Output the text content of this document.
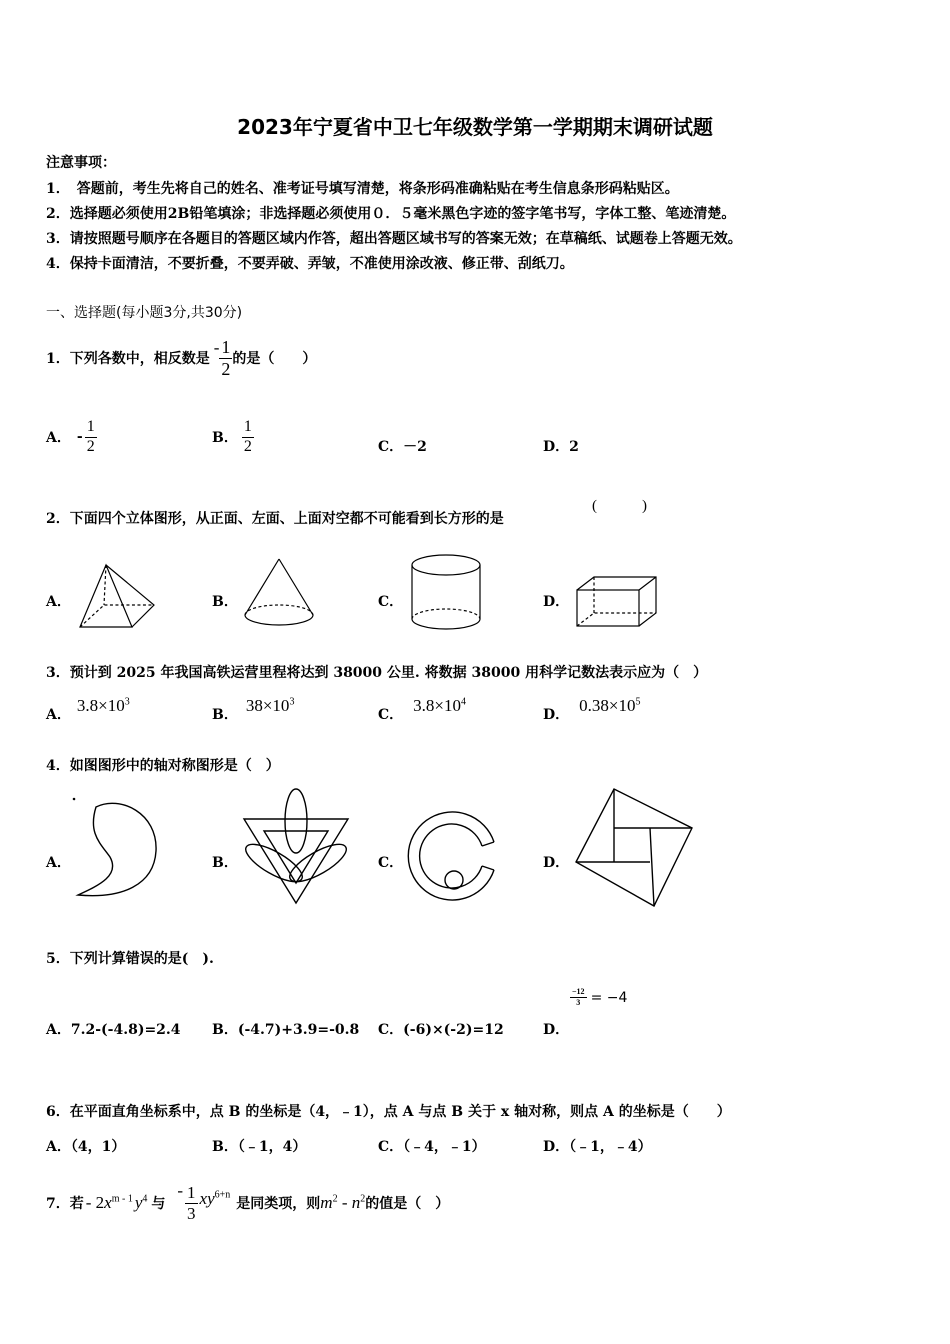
2023年宁夏省中卫七年级数学第一学期期末调研试题
注意事项：
1．　答题前，考生先将自己的姓名、准考证号填写清楚，将条形码准确粘贴在考生信息条形码粘贴区。
2．选择题必须使用2B铅笔填涂；非选择题必须使用０．５毫米黑色字迹的签字笔书写，字体工整、笔迹清楚。
3．请按照题号顺序在各题目的答题区域内作答，超出答题区域书写的答案无效；在草稿纸、试题卷上答题无效。
4．保持卡面清洁，不要折叠，不要弄破、弄皱，不准使用涂改液、修正带、刮纸刀。
一、选择题(每小题3分,共30分)
1．下列各数中，相反数是
- $\frac{1}{2}$ 的是（　　）
A． - $\frac{1}{2}$	B． $\frac{1}{2}$	C．－2	D．2
2．下面四个立体图形，从正面、左面、上面对空都不可能看到长方形的是
(　　　)
A．	B．	C．	D．
3．预计到 2025 年我国高铁运营里程将达到 38000 公里. 将数据 38000 用科学记数法表示应为（　）
A． $3.8\times 10^3$
B． $38\times 10^3$
C． $3.8\times 10^4$
D． $0.38\times 10^5$
4．如图图形中的轴对称图形是（　）
A．	B．	C．	D．
5．下列计算错误的是(　).
A．7.2-(-4.8)=2.4 B．(-4.7)+3.9=-0.8 C．(-6)×(-2)=12	D．
$\frac{-12}{3} = -4$
6．在平面直角坐标系中，点 B 的坐标是（4，﹣1），点 A 与点 B 关于 x 轴对称，则点 A 的坐标是（　　）
A．（4，1）	B．（﹣1，4）	C．（﹣4，﹣1）	D．（﹣1，﹣4）
7．若 - $2x^{m - 1}$ $y^4$ 与
- $\frac{1}{3} xy^{6+n}$
是同类项，则 $m^2 - n^2$ 的值是（　）
